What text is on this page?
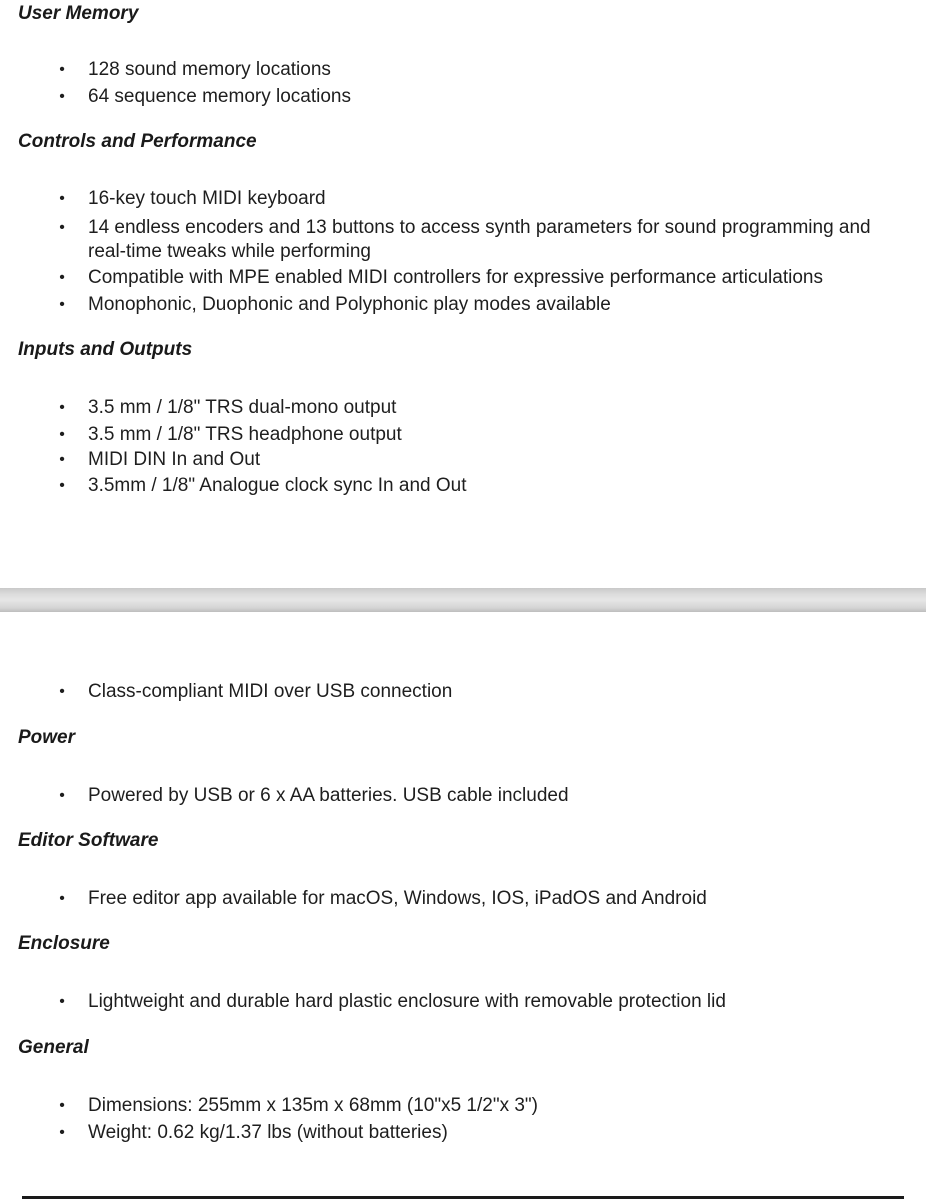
User Memory
• 128 sound memory locations
• 64 sequence memory locations
Controls and Performance
• 16-key touch MIDI keyboard
• 14 endless encoders and 13 buttons to access synth parameters for sound programming and real-time tweaks while performing
• Compatible with MPE enabled MIDI controllers for expressive performance articulations
• Monophonic, Duophonic and Polyphonic play modes available
Inputs and Outputs
• 3.5 mm / 1/8" TRS dual-mono output
• 3.5 mm / 1/8" TRS headphone output
• MIDI DIN In and Out
• 3.5mm / 1/8" Analogue clock sync In and Out
• Class-compliant MIDI over USB connection
Power
• Powered by USB or 6 x AA batteries. USB cable included
Editor Software
• Free editor app available for macOS, Windows, IOS, iPadOS and Android
Enclosure
• Lightweight and durable hard plastic enclosure with removable protection lid
General
• Dimensions: 255mm x 135m x 68mm (10"x5 1/2"x 3")
• Weight: 0.62 kg/1.37 lbs (without batteries)
